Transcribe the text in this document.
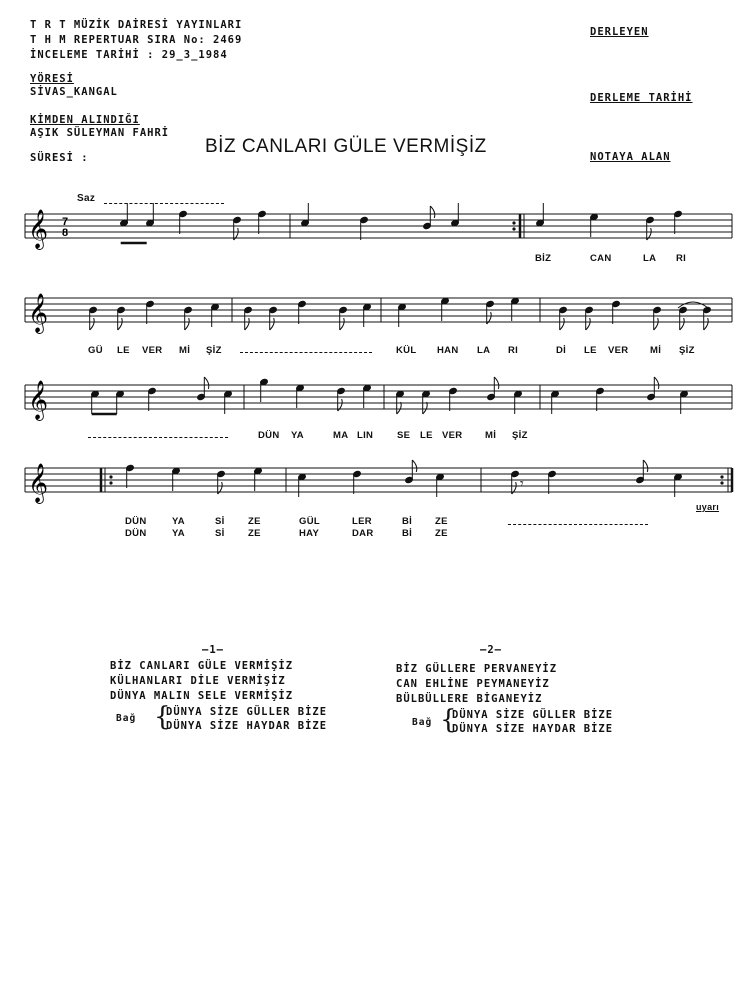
T R T MÜZİK DAİRESİ YAYINLARI
T H M REPERTUAR SIRA No: 2469
İNCELEME TARİHİ : 29_3_1984
YÖRESİ
SİVAS_KANGAL
KİMDEN ALINDIĞI
AŞIK SÜLEYMAN FAHRİ
SÜRESİ :
DERLEYEN
DERLEME TARİHİ
NOTAYA ALAN
BİZ CANLARI GÜLE VERMİŞİZ
Saz
𝄞 7
8
BİZ	CAN	LA RI
𝄞
GÜ LE VER Mİ ŞİZ	KÜL HAN LA RI	Dİ LE VER Mİ ŞİZ
𝄞
DÜN YA	MA LIN	SE LE VER Mİ ŞİZ
𝄞	𝄾
uyarı
DÜN	YA	Sİ ZE	GÜL	LER	Bİ ZE
DÜN	YA	Sİ ZE	HAY	DAR	Bİ ZE
—1—
BİZ CANLARI GÜLE VERMİŞİZ
KÜLHANLARI DİLE VERMİŞİZ
DÜNYA MALIN SELE VERMİŞİZ
Bağ {
DÜNYA SİZE GÜLLER BİZE
DÜNYA SİZE HAYDAR BİZE
—2—
BİZ GÜLLERE PERVANEYİZ
CAN EHLİNE PEYMANEYİZ
BÜLBÜLLERE BİGANEYİZ
Bağ {
DÜNYA SİZE GÜLLER BİZE
DÜNYA SİZE HAYDAR BİZE
